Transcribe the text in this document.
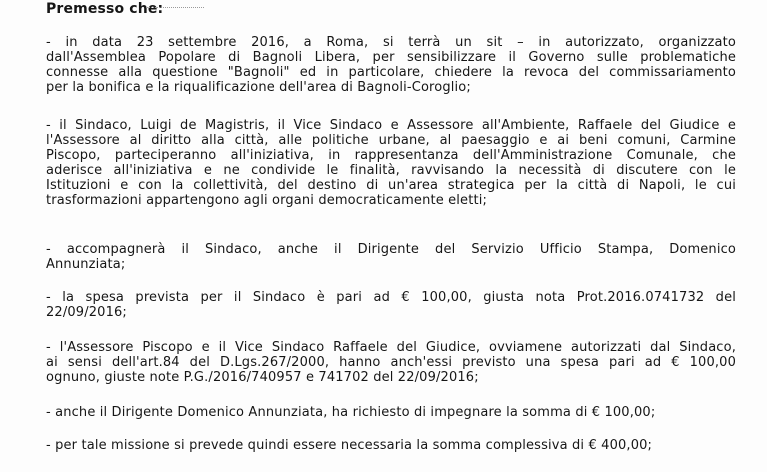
Premesso che:
- in data 23 settembre 2016, a Roma, si terrà un sit – in autorizzato, organizzato
dall'Assemblea Popolare di Bagnoli Libera, per sensibilizzare il Governo sulle problematiche
connesse alla questione "Bagnoli" ed in particolare, chiedere la revoca del commissariamento
per la bonifica e la riqualificazione dell'area di Bagnoli-Coroglio;
- il Sindaco, Luigi de Magistris, il Vice Sindaco e Assessore all'Ambiente, Raffaele del Giudice e
l'Assessore al diritto alla città, alle politiche urbane, al paesaggio e ai beni comuni, Carmine
Piscopo, parteciperanno all'iniziativa, in rappresentanza dell'Amministrazione Comunale, che
aderisce all'iniziativa e ne condivide le finalità, ravvisando la necessità di discutere con le
Istituzioni e con la collettività, del destino di un'area strategica per la città di Napoli, le cui
trasformazioni appartengono agli organi democraticamente eletti;
- accompagnerà il Sindaco, anche il Dirigente del Servizio Ufficio Stampa, Domenico
Annunziata;
- la spesa prevista per il Sindaco è pari ad € 100,00, giusta nota Prot.2016.0741732 del
22/09/2016;
- l'Assessore Piscopo e il Vice Sindaco Raffaele del Giudice, ovviamene autorizzati dal Sindaco,
ai sensi dell'art.84 del D.Lgs.267/2000, hanno anch'essi previsto una spesa pari ad € 100,00
ognuno, giuste note P.G./2016/740957 e 741702 del 22/09/2016;
- anche il Dirigente Domenico Annunziata, ha richiesto di impegnare la somma di € 100,00;
- per tale missione si prevede quindi essere necessaria la somma complessiva di € 400,00;
